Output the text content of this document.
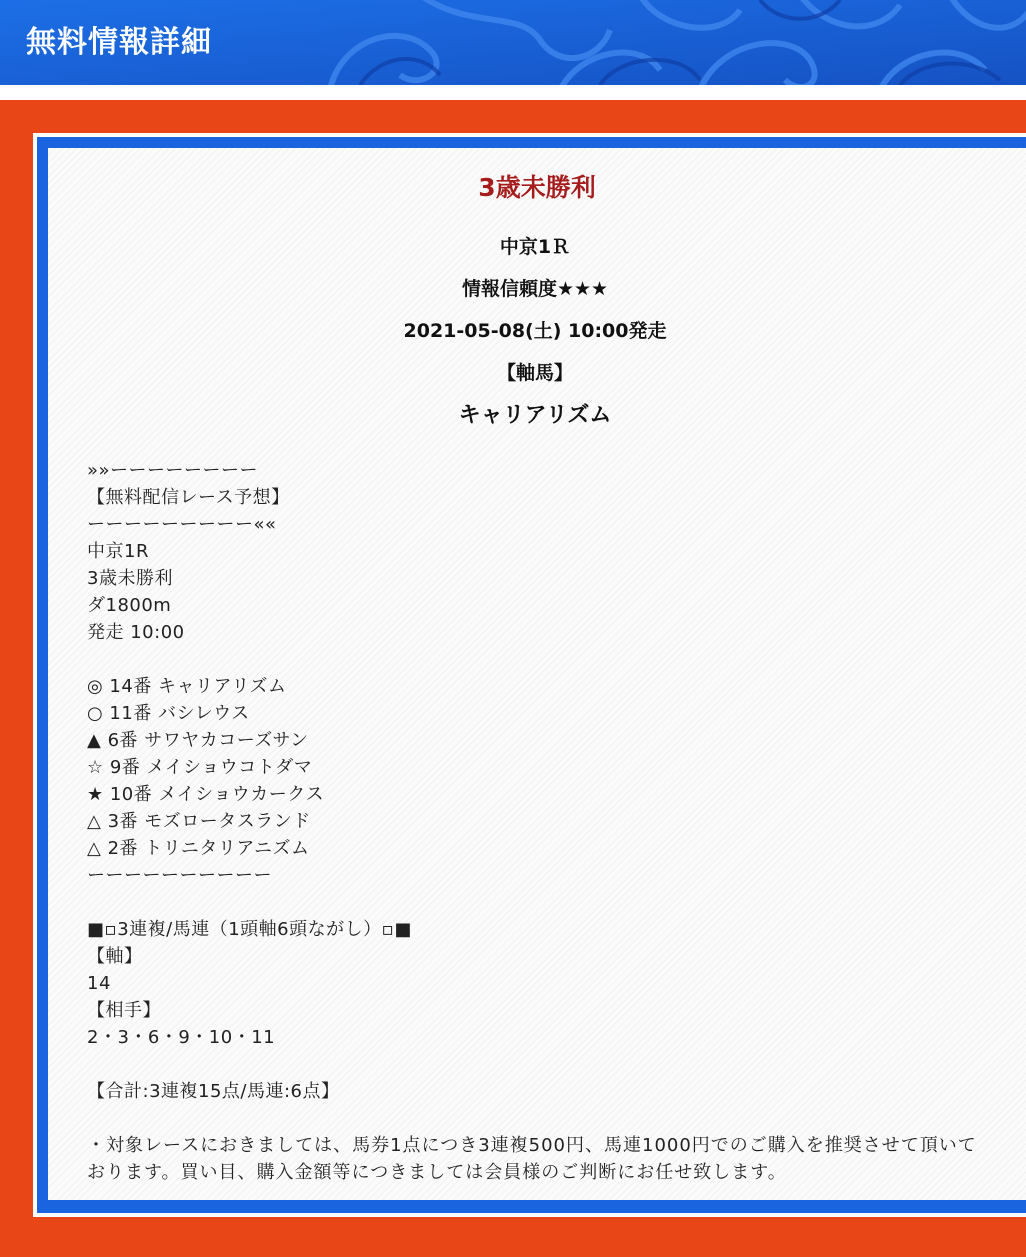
無料情報詳細
3歳未勝利
中京1Ｒ
情報信頼度★★★
2021-05-08(土) 10:00発走
【軸馬】
キャリアリズム
»»ーーーーーーーー
【無料配信レース予想】
ーーーーーーーーー««
中京1R
3歳未勝利
ダ1800m
発走 10:00
◎ 14番 キャリアリズム
○ 11番 バシレウス
▲ 6番 サワヤカコーズサン
☆ 9番 メイショウコトダマ
★ 10番 メイショウカークス
△ 3番 モズロータスランド
△ 2番 トリニタリアニズム
ーーーーーーーーーー
■▫3連複/馬連（1頭軸6頭ながし）▫■
【軸】
14
【相手】
2・3・6・9・10・11
【合計:3連複15点/馬連:6点】
・対象レースにおきましては、馬券1点につき3連複500円、馬連1000円でのご購入を推奨させて頂いております。買い目、購入金額等につきましては会員様のご判断にお任せ致します。
